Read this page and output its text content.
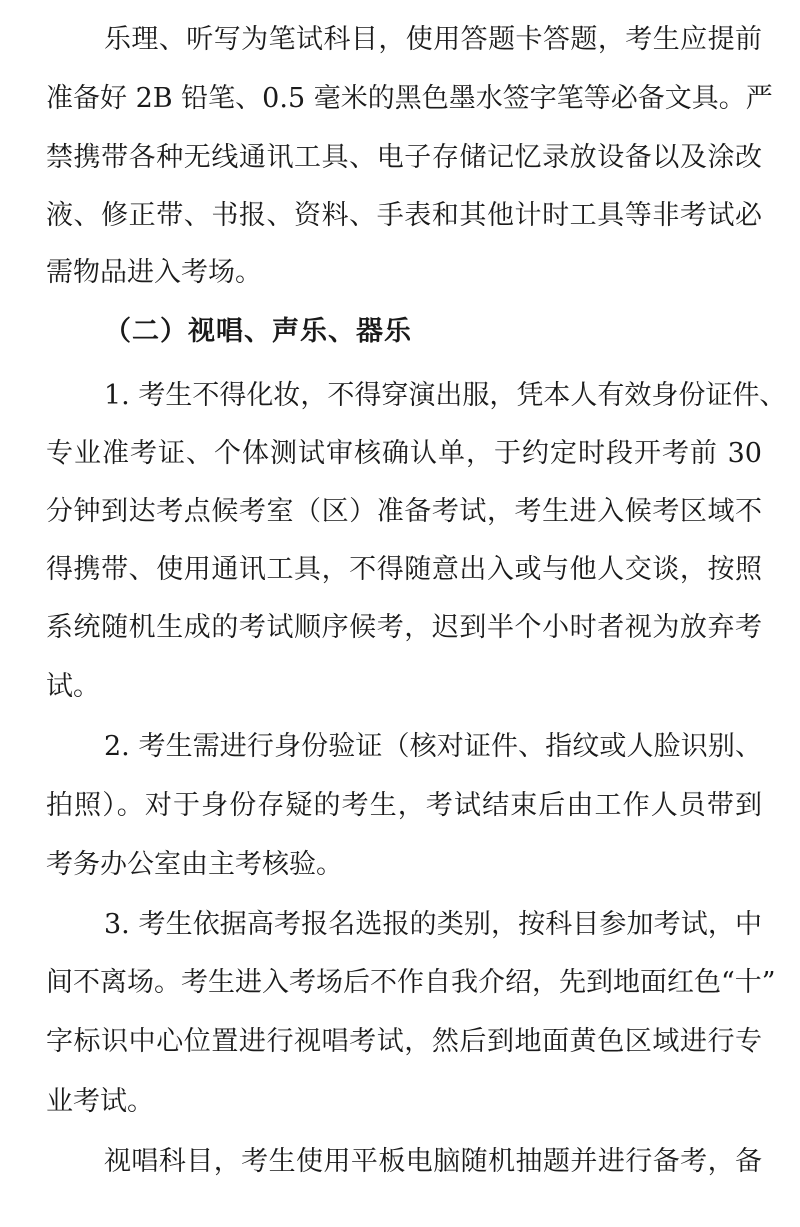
乐理、听写为笔试科目，使用答题卡答题，考生应提前
准备好 2B 铅笔、0.5 毫米的黑色墨水签字笔等必备文具。严
禁携带各种无线通讯工具、电子存储记忆录放设备以及涂改
液、修正带、书报、资料、手表和其他计时工具等非考试必
需物品进入考场。
（二）视唱、声乐、器乐
1. 考生不得化妆，不得穿演出服，凭本人有效身份证件、
专业准考证、个体测试审核确认单，于约定时段开考前 30
分钟到达考点候考室（区）准备考试，考生进入候考区域不
得携带、使用通讯工具，不得随意出入或与他人交谈，按照
系统随机生成的考试顺序候考，迟到半个小时者视为放弃考
试。
2. 考生需进行身份验证（核对证件、指纹或人脸识别、
拍照）。对于身份存疑的考生，考试结束后由工作人员带到
考务办公室由主考核验。
3. 考生依据高考报名选报的类别，按科目参加考试，中
间不离场。考生进入考场后不作自我介绍，先到地面红色“十”
字标识中心位置进行视唱考试，然后到地面黄色区域进行专
业考试。
视唱科目，考生使用平板电脑随机抽题并进行备考，备
